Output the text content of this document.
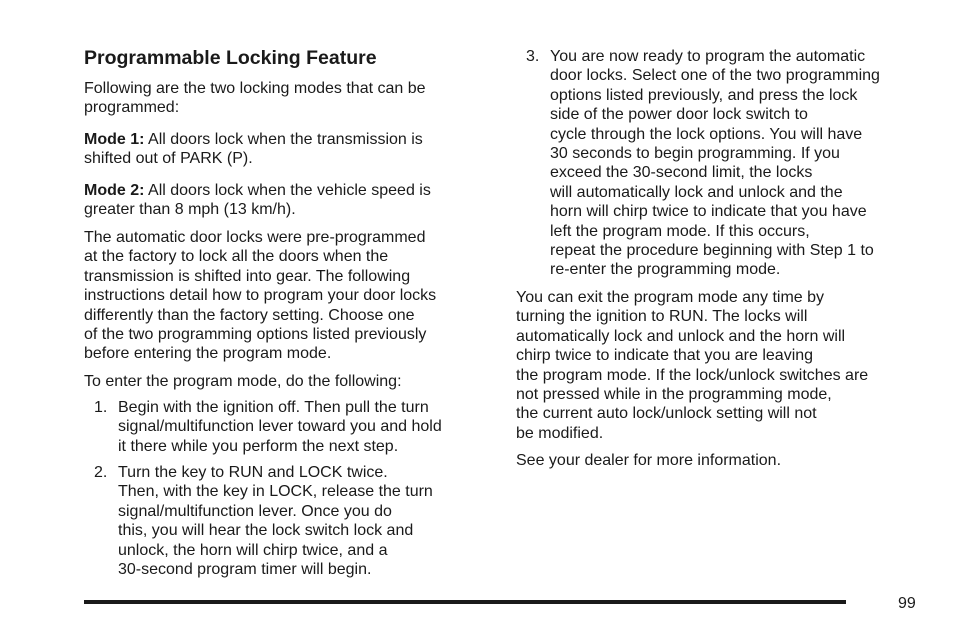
Programmable Locking Feature

Following are the two locking modes that can be
programmed:

Mode 1: All doors lock when the transmission is
shifted out of PARK (P).

Mode 2: All doors lock when the vehicle speed is
greater than 8 mph (13 km/h).

The automatic door locks were pre-programmed
at the factory to lock all the doors when the
transmission is shifted into gear. The following
instructions detail how to program your door locks
differently than the factory setting. Choose one
of the two programming options listed previously
before entering the program mode.

To enter the program mode, do the following:

1. Begin with the ignition off. Then pull the turn
signal/multifunction lever toward you and hold
it there while you perform the next step.
2. Turn the key to RUN and LOCK twice.
Then, with the key in LOCK, release the turn
signal/multifunction lever. Once you do
this, you will hear the lock switch lock and
unlock, the horn will chirp twice, and a
30-second program timer will begin.
3. You are now ready to program the automatic
door locks. Select one of the two programming
options listed previously, and press the lock
side of the power door lock switch to
cycle through the lock options. You will have
30 seconds to begin programming. If you
exceed the 30-second limit, the locks
will automatically lock and unlock and the
horn will chirp twice to indicate that you have
left the program mode. If this occurs,
repeat the procedure beginning with Step 1 to
re-enter the programming mode.

You can exit the program mode any time by
turning the ignition to RUN. The locks will
automatically lock and unlock and the horn will
chirp twice to indicate that you are leaving
the program mode. If the lock/unlock switches are
not pressed while in the programming mode,
the current auto lock/unlock setting will not
be modified.

See your dealer for more information.

99
